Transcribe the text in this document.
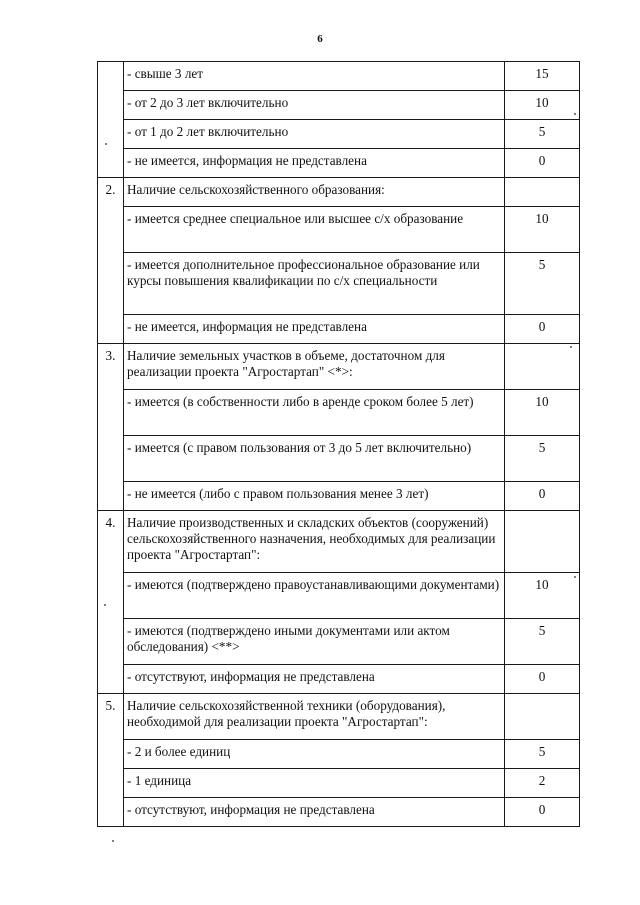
6
	- свыше 3 лет	15
	- от 2 до 3 лет включительно	10
	- от 1 до 2 лет включительно	5
	- не имеется, информация не представлена	0
2.	Наличие сельскохозяйственного образования:	
	- имеется среднее специальное или высшее с/х образование	10
	- имеется дополнительное профессиональное образование или курсы повышения квалификации по с/х специальности	5
	- не имеется, информация не представлена	0
3.	Наличие земельных участков в объеме, достаточном для реализации проекта "Агростартап" <*>:	
	- имеется (в собственности либо в аренде сроком более 5 лет)	10
	- имеется (с правом пользования от 3 до 5 лет включительно)	5
	- не имеется (либо с правом пользования менее 3 лет)	0
4.	Наличие производственных и складских объектов (сооружений) сельскохозяйственного назначения, необходимых для реализации проекта "Агростартап":	
	- имеются (подтверждено правоустанавливающими документами)	10
	- имеются (подтверждено иными документами или актом обследования) <**>	5
	- отсутствуют, информация не представлена	0
5.	Наличие сельскохозяйственной техники (оборудования), необходимой для реализации проекта "Агростартап":	
	- 2 и более единиц	5
	- 1 единица	2
	- отсутствуют, информация не представлена	0
